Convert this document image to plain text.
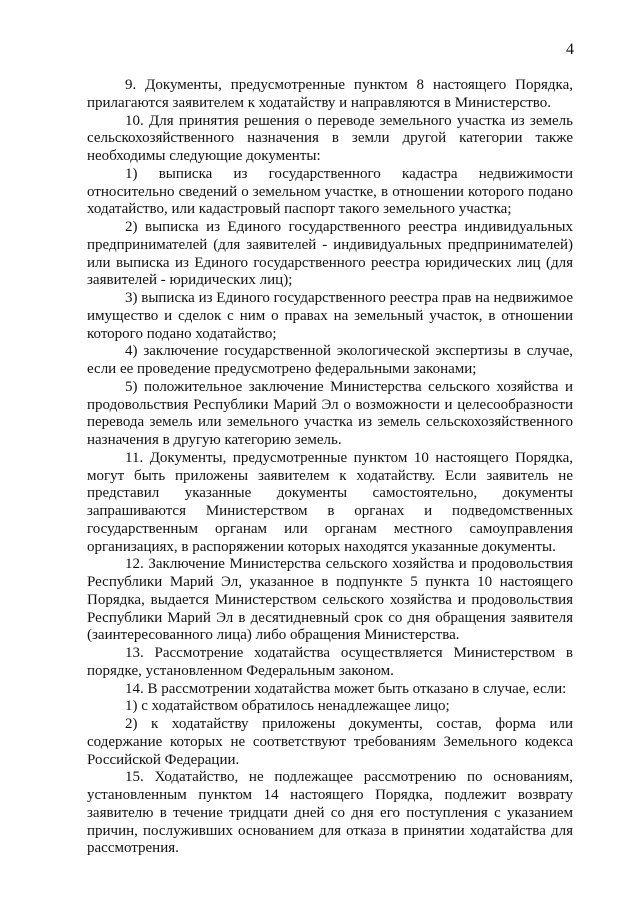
4

9. Документы, предусмотренные пунктом 8 настоящего Порядка, прилагаются заявителем к ходатайству и направляются в Министерство.

10. Для принятия решения о переводе земельного участка из земель сельскохозяйственного назначения в земли другой категории также необходимы следующие документы:

1) выписка из государственного кадастра недвижимости относительно сведений о земельном участке, в отношении которого подано ходатайство, или кадастровый паспорт такого земельного участка;

2) выписка из Единого государственного реестра индивидуальных предпринимателей (для заявителей - индивидуальных предпринимателей) или выписка из Единого государственного реестра юридических лиц (для заявителей - юридических лиц);

3) выписка из Единого государственного реестра прав на недвижимое имущество и сделок с ним о правах на земельный участок, в отношении которого подано ходатайство;

4) заключение государственной экологической экспертизы в случае, если ее проведение предусмотрено федеральными законами;

5) положительное заключение Министерства сельского хозяйства и продовольствия Республики Марий Эл о возможности и целесообразности перевода земель или земельного участка из земель сельскохозяйственного назначения в другую категорию земель.

11. Документы, предусмотренные пунктом 10 настоящего Порядка, могут быть приложены заявителем к ходатайству. Если заявитель не представил указанные документы самостоятельно, документы запрашиваются Министерством в органах и подведомственных государственным органам или органам местного самоуправления организациях, в распоряжении которых находятся указанные документы.

12. Заключение Министерства сельского хозяйства и продовольствия Республики Марий Эл, указанное в подпункте 5 пункта 10 настоящего Порядка, выдается Министерством сельского хозяйства и продовольствия Республики Марий Эл в десятидневный срок со дня обращения заявителя (заинтересованного лица) либо обращения Министерства.

13. Рассмотрение ходатайства осуществляется Министерством в порядке, установленном Федеральным законом.

14. В рассмотрении ходатайства может быть отказано в случае, если:

1) с ходатайством обратилось ненадлежащее лицо;

2) к ходатайству приложены документы, состав, форма или содержание которых не соответствуют требованиям Земельного кодекса Российской Федерации.

15. Ходатайство, не подлежащее рассмотрению по основаниям, установленным пунктом 14 настоящего Порядка, подлежит возврату заявителю в течение тридцати дней со дня его поступления с указанием причин, послуживших основанием для отказа в принятии ходатайства для рассмотрения.
